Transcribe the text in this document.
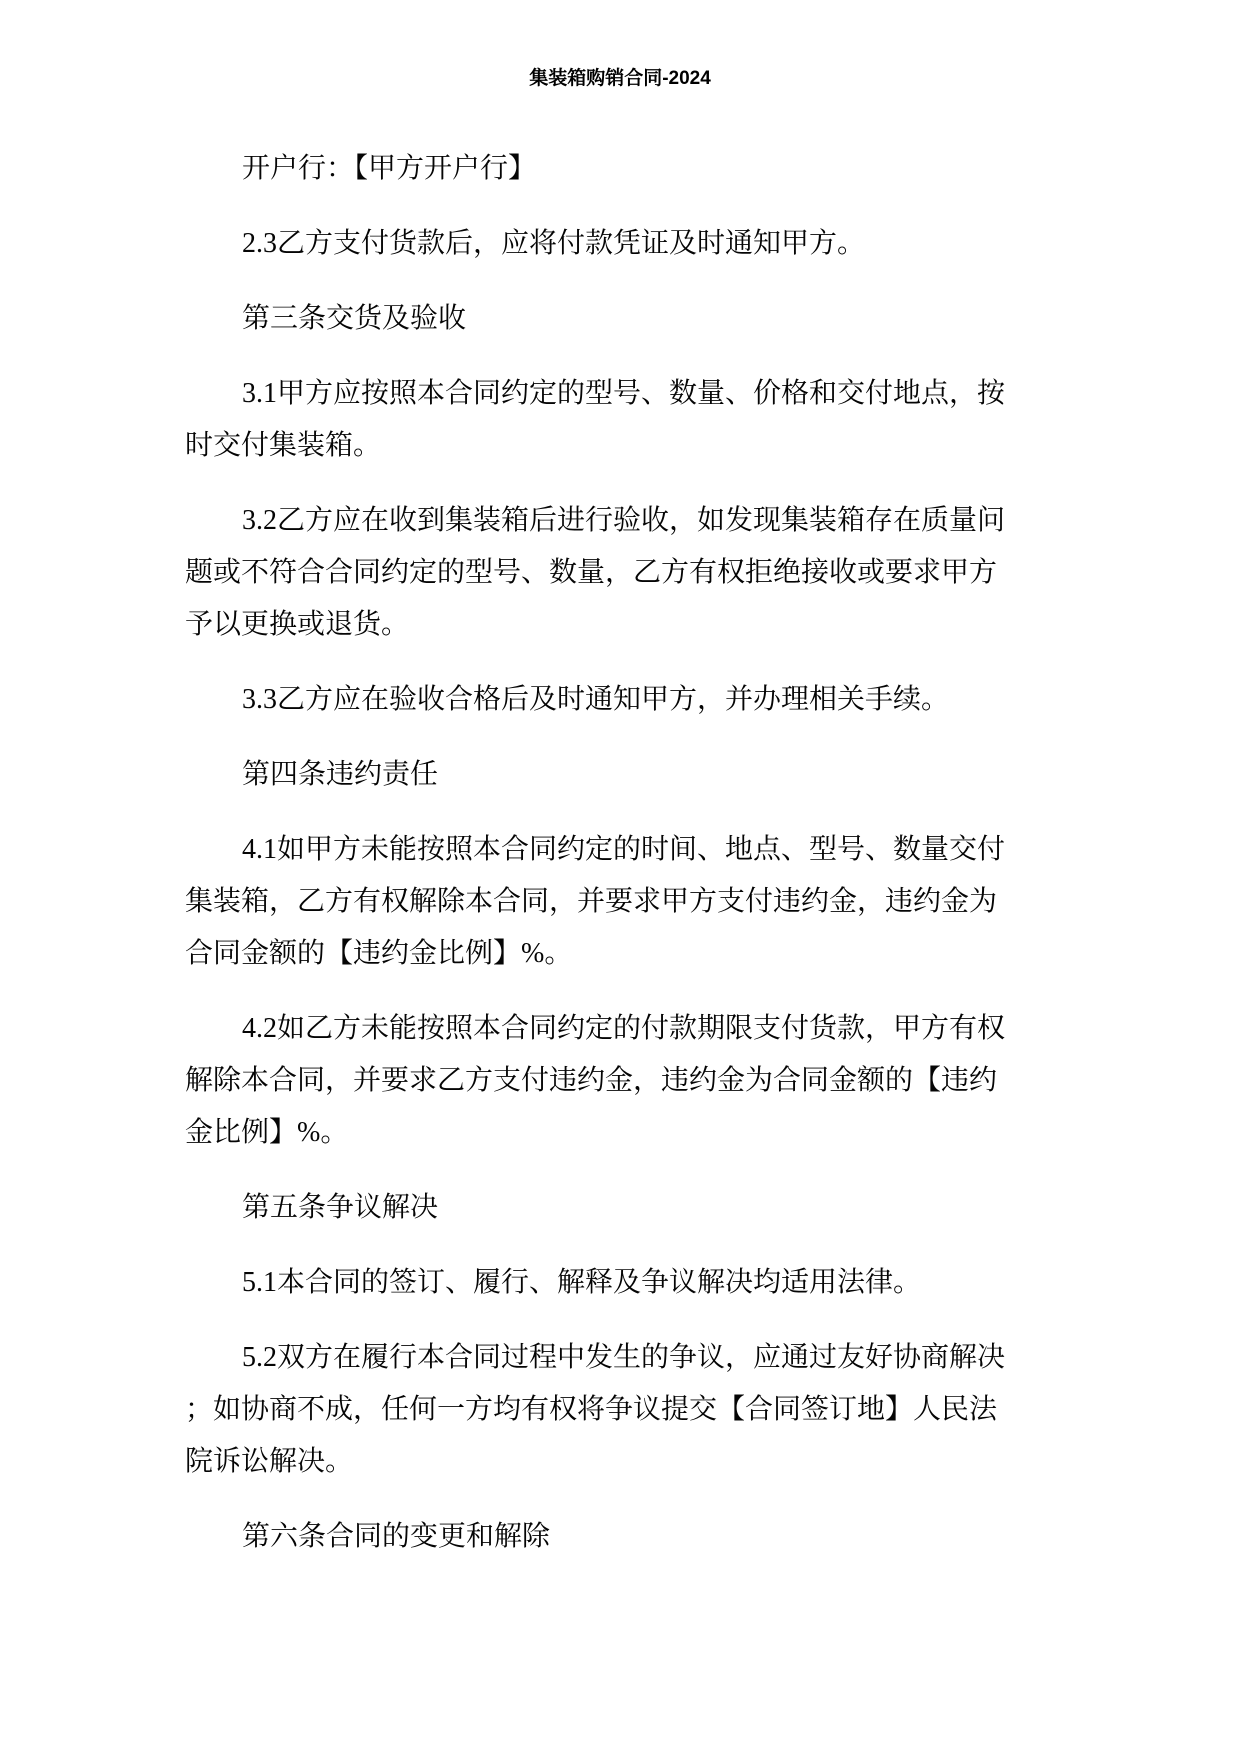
集装箱购销合同-2024
开户行：【甲方开户行】
2.3乙方支付货款后，应将付款凭证及时通知甲方。
第三条交货及验收
3.1甲方应按照本合同约定的型号、数量、价格和交付地点，按
时交付集装箱。
3.2乙方应在收到集装箱后进行验收，如发现集装箱存在质量问
题或不符合合同约定的型号、数量，乙方有权拒绝接收或要求甲方
予以更换或退货。
3.3乙方应在验收合格后及时通知甲方，并办理相关手续。
第四条违约责任
4.1如甲方未能按照本合同约定的时间、地点、型号、数量交付
集装箱，乙方有权解除本合同，并要求甲方支付违约金，违约金为
合同金额的【违约金比例】%。
4.2如乙方未能按照本合同约定的付款期限支付货款，甲方有权
解除本合同，并要求乙方支付违约金，违约金为合同金额的【违约
金比例】%。
第五条争议解决
5.1本合同的签订、履行、解释及争议解决均适用法律。
5.2双方在履行本合同过程中发生的争议，应通过友好协商解决
；如协商不成，任何一方均有权将争议提交【合同签订地】人民法
院诉讼解决。
第六条合同的变更和解除
